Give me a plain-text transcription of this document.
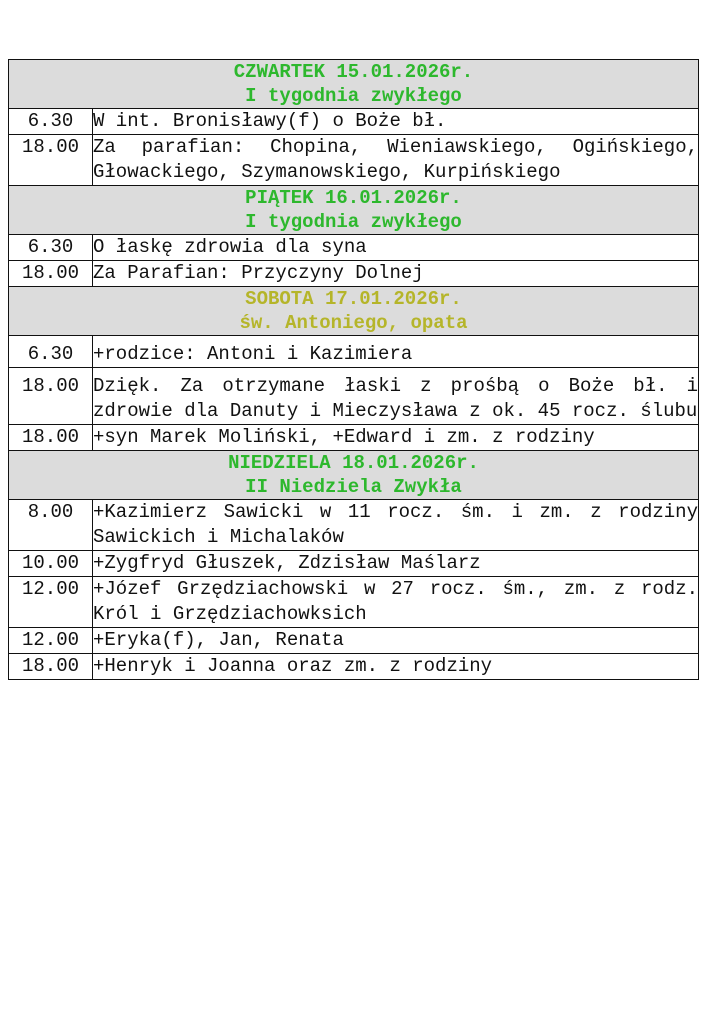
CZWARTEK 15.01.2026r.
I tygodnia zwykłego	

6.30	W int. Bronisławy(f) o Boże bł.
18.00	Za parafian: Chopina, Wieniawskiego, Ogińskiego, Głowackiego, Szymanowskiego, Kurpińskiego

PIĄTEK 16.01.2026r.
I tygodnia zwykłego	

6.30	O łaskę zdrowia dla syna
18.00	Za Parafian: Przyczyny Dolnej

SOBOTA 17.01.2026r.
św. Antoniego, opata	

6.30	+rodzice: Antoni i Kazimiera
18.00	Dzięk. Za otrzymane łaski z prośbą o Boże bł. i zdrowie dla Danuty i Mieczysława z ok. 45 rocz. ślubu
18.00	+syn Marek Moliński, +Edward i zm. z rodziny

NIEDZIELA 18.01.2026r.
II Niedziela Zwykła	

8.00	+Kazimierz Sawicki w 11 rocz. śm. i zm. z rodziny Sawickich i Michalaków
10.00	+Zygfryd Głuszek, Zdzisław Maślarz
12.00	+Józef Grzędziachowski w 27 rocz. śm., zm. z rodz. Król i Grzędziachowksich
12.00	+Eryka(f), Jan, Renata
18.00	+Henryk i Joanna oraz zm. z rodziny
